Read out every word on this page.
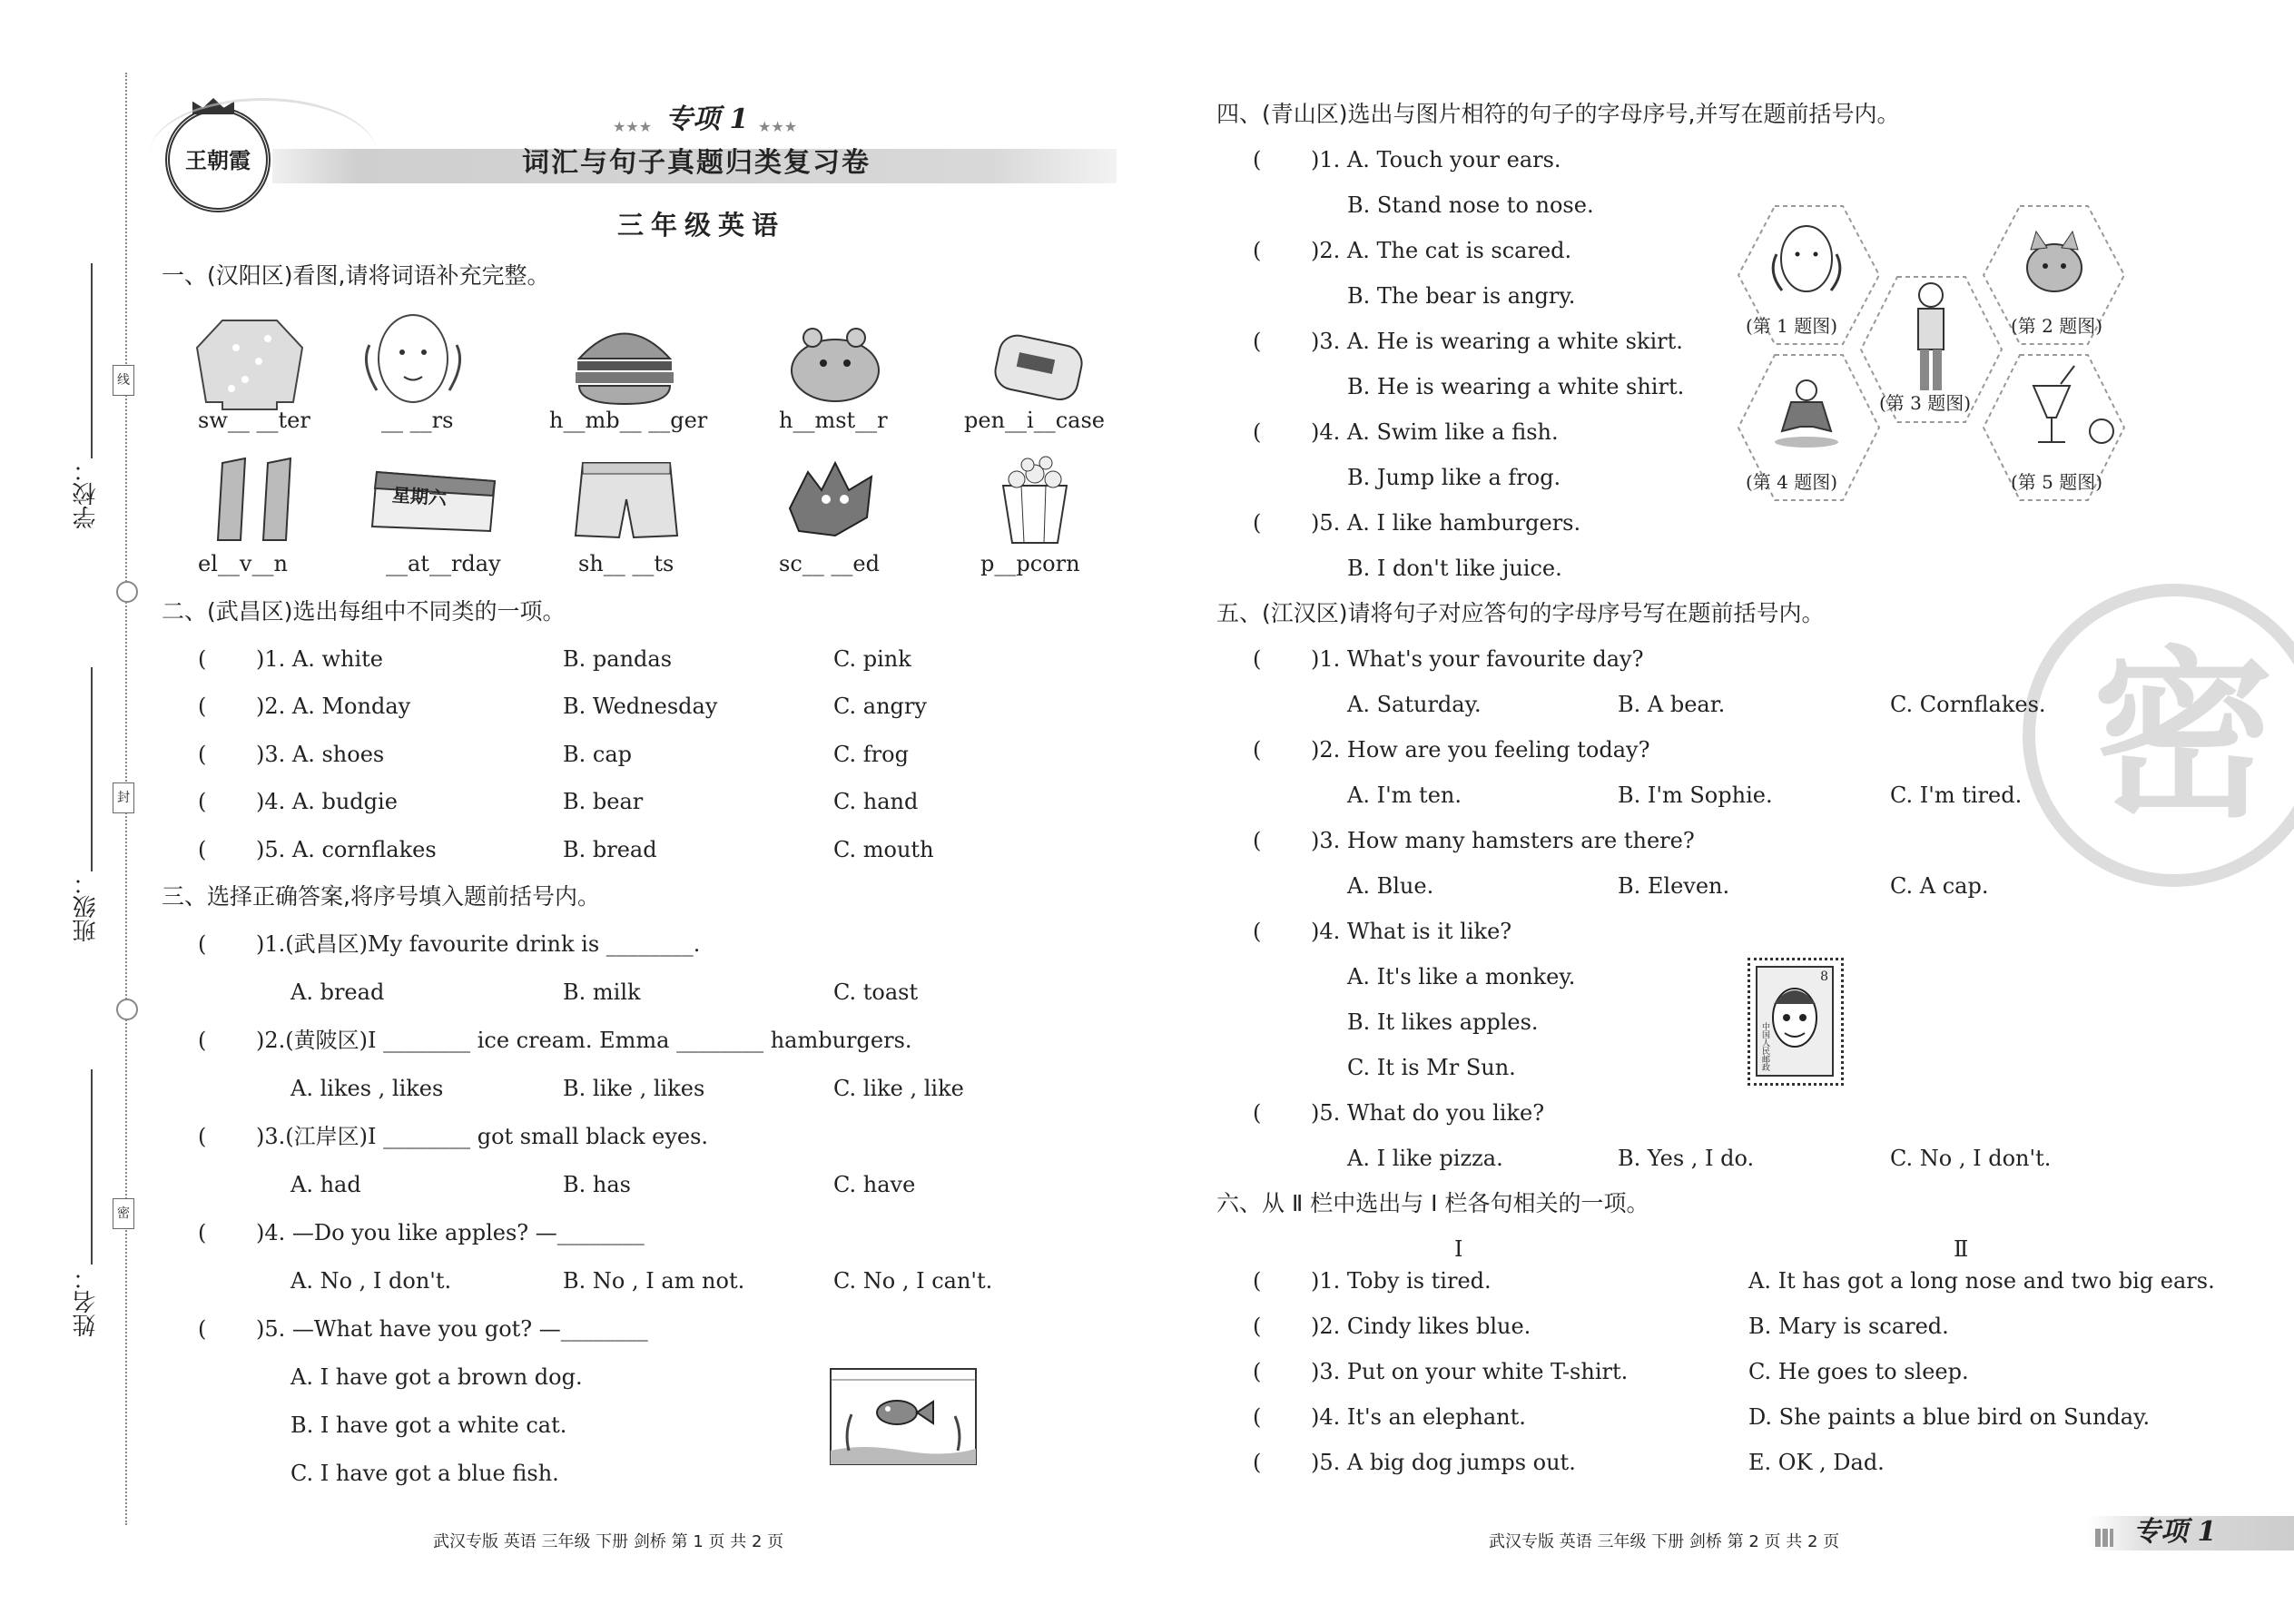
学校：
班级：
姓名：
线
封
密
王朝霞
★★★ 专项 1 ★★★
词汇与句子真题归类复习卷
三年级英语
一、(汉阳区)看图,请将词语补充完整。
sw__ __ter	__ __rs	h__mb__ __ger	h__mst__r	pen__i__case
星期六
el__v__n	__at__rday	sh__ __ts	sc__ __ed	p__pcorn
二、(武昌区)选出每组中不同类的一项。
( )1. A. white	B. pandas	C. pink
( )2. A. Monday	B. Wednesday	C. angry
( )3. A. shoes	B. cap	C. frog
( )4. A. budgie	B. bear	C. hand
( )5. A. cornflakes	B. bread	C. mouth
三、选择正确答案,将序号填入题前括号内。
( )1.(武昌区)My favourite drink is ________.
A. bread	B. milk	C. toast
( )2.(黄陂区)I ________ ice cream. Emma ________ hamburgers.
A. likes , likes	B. like , likes	C. like , like
( )3.(江岸区)I ________ got small black eyes.
A. had	B. has	C. have
( )4. —Do you like apples? —________
A. No , I don't.	B. No , I am not.	C. No , I can't.
( )5. —What have you got? —________
A. I have got a brown dog.
B. I have got a white cat.
C. I have got a blue fish.
四、(青山区)选出与图片相符的句子的字母序号,并写在题前括号内。
( )1. A. Touch your ears.
B. Stand nose to nose.
( )2. A. The cat is scared.
B. The bear is angry.
( )3. A. He is wearing a white skirt.
B. He is wearing a white shirt.
( )4. A. Swim like a fish.
B. Jump like a frog.
( )5. A. I like hamburgers.
B. I don't like juice.
(第 1 题图)	(第 2 题图)
(第 3 题图)
(第 4 题图)	(第 5 题图)
密
五、(江汉区)请将句子对应答句的字母序号写在题前括号内。
( )1. What's your favourite day?
A. Saturday.	B. A bear.	C. Cornflakes.
( )2. How are you feeling today?
A. I'm ten.	B. I'm Sophie.	C. I'm tired.
( )3. How many hamsters are there?
A. Blue.	B. Eleven.	C. A cap.
( )4. What is it like?
A. It's like a monkey.
B. It likes apples.
C. It is Mr Sun.
8
中国人民邮政
( )5. What do you like?
A. I like pizza.	B. Yes , I do.	C. No , I don't.
六、从 Ⅱ 栏中选出与 Ⅰ 栏各句相关的一项。
Ⅰ	Ⅱ
( )1. Toby is tired.	A. It has got a long nose and two big ears.
( )2. Cindy likes blue.	B. Mary is scared.
( )3. Put on your white T-shirt.	C. He goes to sleep.
( )4. It's an elephant.	D. She paints a blue bird on Sunday.
( )5. A big dog jumps out.	E. OK , Dad.
武汉专版 英语 三年级 下册 剑桥 第 1 页 共 2 页	武汉专版 英语 三年级 下册 剑桥 第 2 页 共 2 页	专项 1
